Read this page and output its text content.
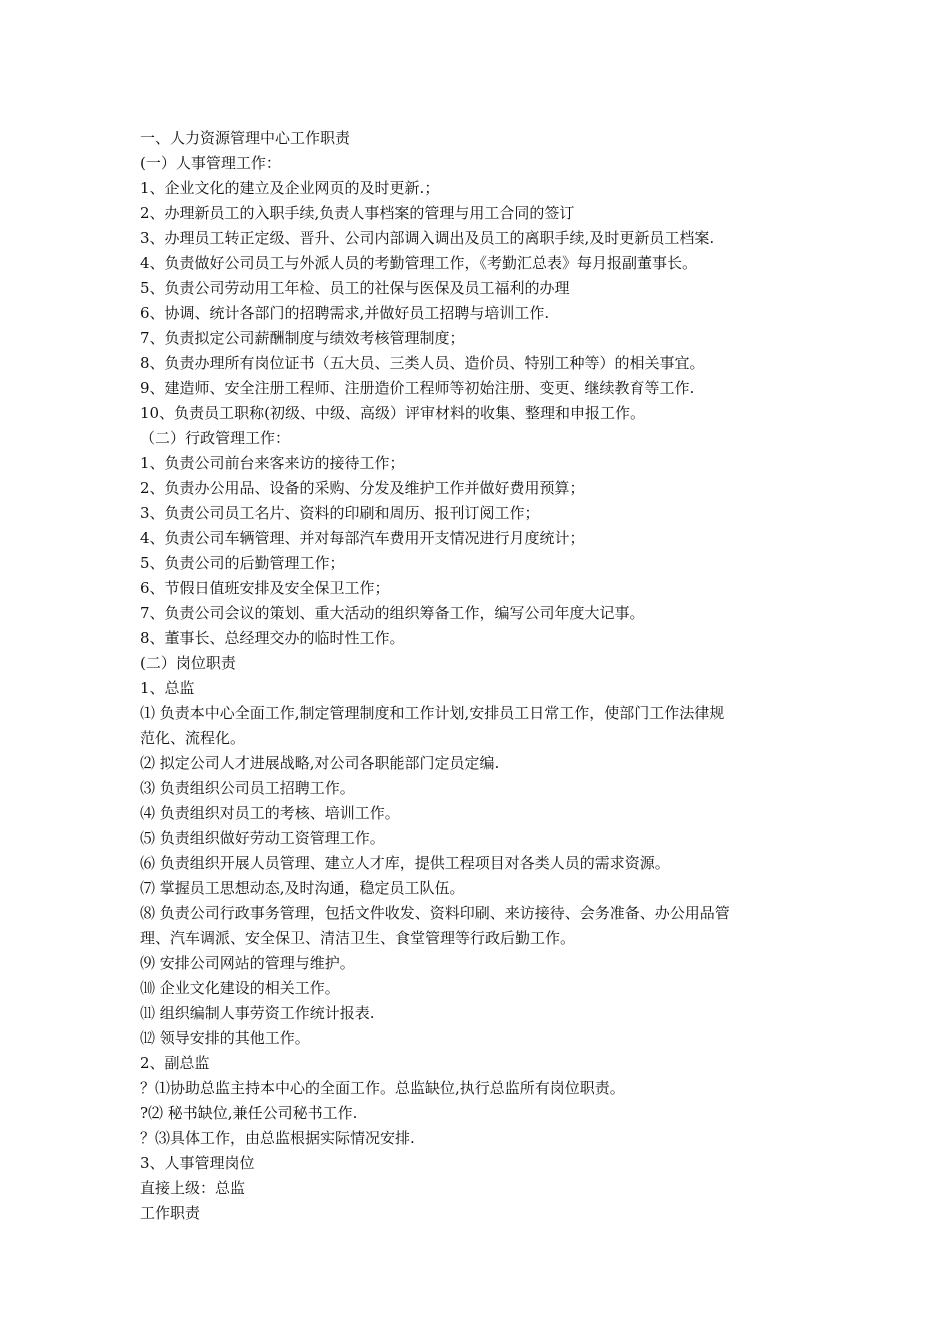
一、人力资源管理中心工作职责

(一）人事管理工作：

1、企业文化的建立及企业网页的及时更新.；

2、办理新员工的入职手续,负责人事档案的管理与用工合同的签订

3、办理员工转正定级、晋升、公司内部调入调出及员工的离职手续,及时更新员工档案.

4、负责做好公司员工与外派人员的考勤管理工作，《考勤汇总表》每月报副董事长。

5、负责公司劳动用工年检、员工的社保与医保及员工福利的办理

6、协调、统计各部门的招聘需求,并做好员工招聘与培训工作.

7、负责拟定公司薪酬制度与绩效考核管理制度；

8、负责办理所有岗位证书（五大员、三类人员、造价员、特别工种等）的相关事宜。

9、建造师、安全注册工程师、注册造价工程师等初始注册、变更、继续教育等工作.

10、负责员工职称(初级、中级、高级）评审材料的收集、整理和申报工作。

（二）行政管理工作：

1、负责公司前台来客来访的接待工作；

2、负责办公用品、设备的采购、分发及维护工作并做好费用预算；

3、负责公司员工名片、资料的印刷和周历、报刊订阅工作；

4、负责公司车辆管理、并对每部汽车费用开支情况进行月度统计；

5、负责公司的后勤管理工作；

6、节假日值班安排及安全保卫工作；

7、负责公司会议的策划、重大活动的组织筹备工作，编写公司年度大记事。

8、董事长、总经理交办的临时性工作。

(二）岗位职责

1、总监

⑴ 负责本中心全面工作,制定管理制度和工作计划,安排员工日常工作，使部门工作法律规

范化、流程化。

⑵ 拟定公司人才进展战略,对公司各职能部门定员定编.

⑶ 负责组织公司员工招聘工作。

⑷ 负责组织对员工的考核、培训工作。

⑸ 负责组织做好劳动工资管理工作。

⑹ 负责组织开展人员管理、建立人才库，提供工程项目对各类人员的需求资源。

⑺ 掌握员工思想动态,及时沟通，稳定员工队伍。

⑻ 负责公司行政事务管理，包括文件收发、资料印刷、来访接待、会务准备、办公用品管

理、汽车调派、安全保卫、清洁卫生、食堂管理等行政后勤工作。

⑼ 安排公司网站的管理与维护。

⑽ 企业文化建设的相关工作。

⑾ 组织编制人事劳资工作统计报表.

⑿ 领导安排的其他工作。

2、副总监

？⑴协助总监主持本中心的全面工作。总监缺位,执行总监所有岗位职责。

?⑵ 秘书缺位,兼任公司秘书工作.

？⑶具体工作，由总监根据实际情况安排.

3、人事管理岗位

直接上级：总监

工作职责
